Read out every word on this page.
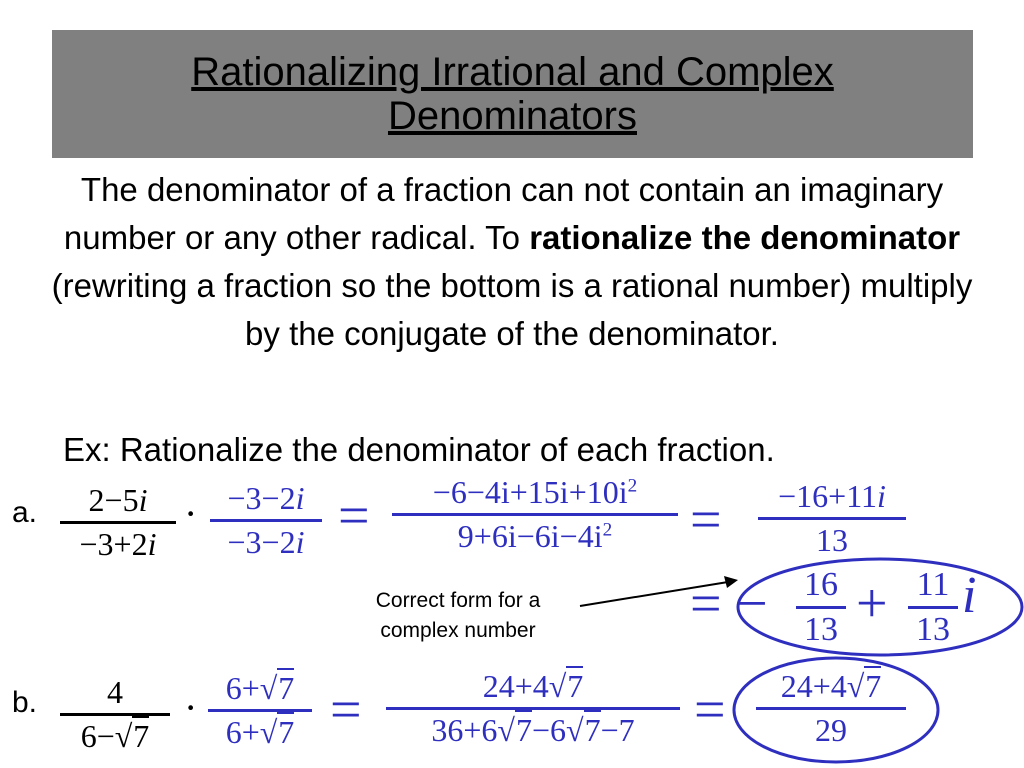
Rationalizing Irrational and Complex
Denominators
The denominator of a fraction can not contain an imaginary number or any other radical. To rationalize the denominator (rewriting a fraction so the bottom is a rational number) multiply by the conjugate of the denominator.
Ex: Rationalize the denominator of each fraction.
a.	2−5i
−3+2i
· −3−2i
−3−2i =	$-6-4i+15i+10i^2$
$9+6i-6i-4i^2$	=	−16+11i
13
= − 16
13 + 11
13
i
Correct form for a
complex number
b.	4
6−√7
· 6+√7
6+√7 =	24+4√7
36+6√7−6√7−7	=	24+4√7
29
